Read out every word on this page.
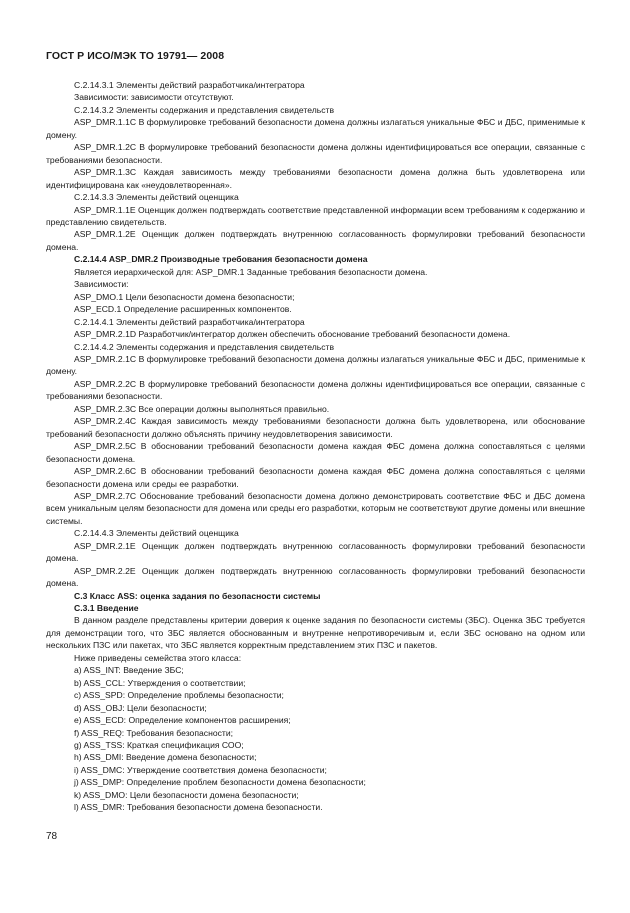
ГОСТ Р ИСО/МЭК ТО 19791— 2008

С.2.14.3.1 Элементы действий разработчика/интегратора

Зависимости: зависимости отсутствуют.

С.2.14.3.2 Элементы содержания и представления свидетельств

ASP_DMR.1.1C В формулировке требований безопасности домена должны излагаться уникальные ФБС и ДБС, применимые к домену.

ASP_DMR.1.2C В формулировке требований безопасности домена должны идентифицироваться все операции, связанные с требованиями безопасности.

ASP_DMR.1.3C Каждая зависимость между требованиями безопасности домена должна быть удовлетворена или идентифицирована как «неудовлетворенная».

С.2.14.3.3 Элементы действий оценщика

ASP_DMR.1.1E Оценщик должен подтверждать соответствие представленной информации всем требованиям к содержанию и представлению свидетельств.

ASP_DMR.1.2E Оценщик должен подтверждать внутреннюю согласованность формулировки требований безопасности домена.

С.2.14.4 ASP_DMR.2 Производные требования безопасности домена

Является иерархической для: ASP_DMR.1 Заданные требования безопасности домена.

Зависимости:

ASP_DMO.1 Цели безопасности домена безопасности;

ASP_ECD.1 Определение расширенных компонентов.

С.2.14.4.1 Элементы действий разработчика/интегратора

ASP_DMR.2.1D Разработчик/интегратор должен обеспечить обоснование требований безопасности домена.

С.2.14.4.2 Элементы содержания и представления свидетельств

ASP_DMR.2.1C В формулировке требований безопасности домена должны излагаться уникальные ФБС и ДБС, применимые к домену.

ASP_DMR.2.2C В формулировке требований безопасности домена должны идентифицироваться все операции, связанные с требованиями безопасности.

ASP_DMR.2.3C Все операции должны выполняться правильно.

ASP_DMR.2.4C Каждая зависимость между требованиями безопасности должна быть удовлетворена, или обоснование требований безопасности должно объяснять причину неудовлетворения зависимости.

ASP_DMR.2.5C В обосновании требований безопасности домена каждая ФБС домена должна сопоставляться с целями безопасности домена.

ASP_DMR.2.6C В обосновании требований безопасности домена каждая ФБС домена должна сопоставляться с целями безопасности домена или среды ее разработки.

ASP_DMR.2.7C Обоснование требований безопасности домена должно демонстрировать соответствие ФБС и ДБС домена всем уникальным целям безопасности для домена или среды его разработки, которым не соответствуют другие домены или внешние системы.

С.2.14.4.3 Элементы действий оценщика

ASP_DMR.2.1E Оценщик должен подтверждать внутреннюю согласованность формулировки требований безопасности домена.

ASP_DMR.2.2E Оценщик должен подтверждать внутреннюю согласованность формулировки требований безопасности домена.

С.3 Класс ASS: оценка задания по безопасности системы

С.3.1 Введение

В данном разделе представлены критерии доверия к оценке задания по безопасности системы (ЗБС). Оценка ЗБС требуется для демонстрации того, что ЗБС является обоснованным и внутренне непротиворечивым и, если ЗБС основано на одном или нескольких ПЗС или пакетах, что ЗБС является корректным представлением этих ПЗС и пакетов.

Ниже приведены семейства этого класса:

a) ASS_INT: Введение ЗБС;

b) ASS_CCL: Утверждения о соответствии;

c) ASS_SPD: Определение проблемы безопасности;

d) ASS_OBJ: Цели безопасности;

e) ASS_ECD: Определение компонентов расширения;

f) ASS_REQ: Требования безопасности;

g) ASS_TSS: Краткая спецификация СОО;

h) ASS_DMI: Введение домена безопасности;

i) ASS_DMC: Утверждение соответствия домена безопасности;

j) ASS_DMP: Определение проблем безопасности домена безопасности;

k) ASS_DMO: Цели безопасности домена безопасности;

l) ASS_DMR: Требования безопасности домена безопасности.

78
